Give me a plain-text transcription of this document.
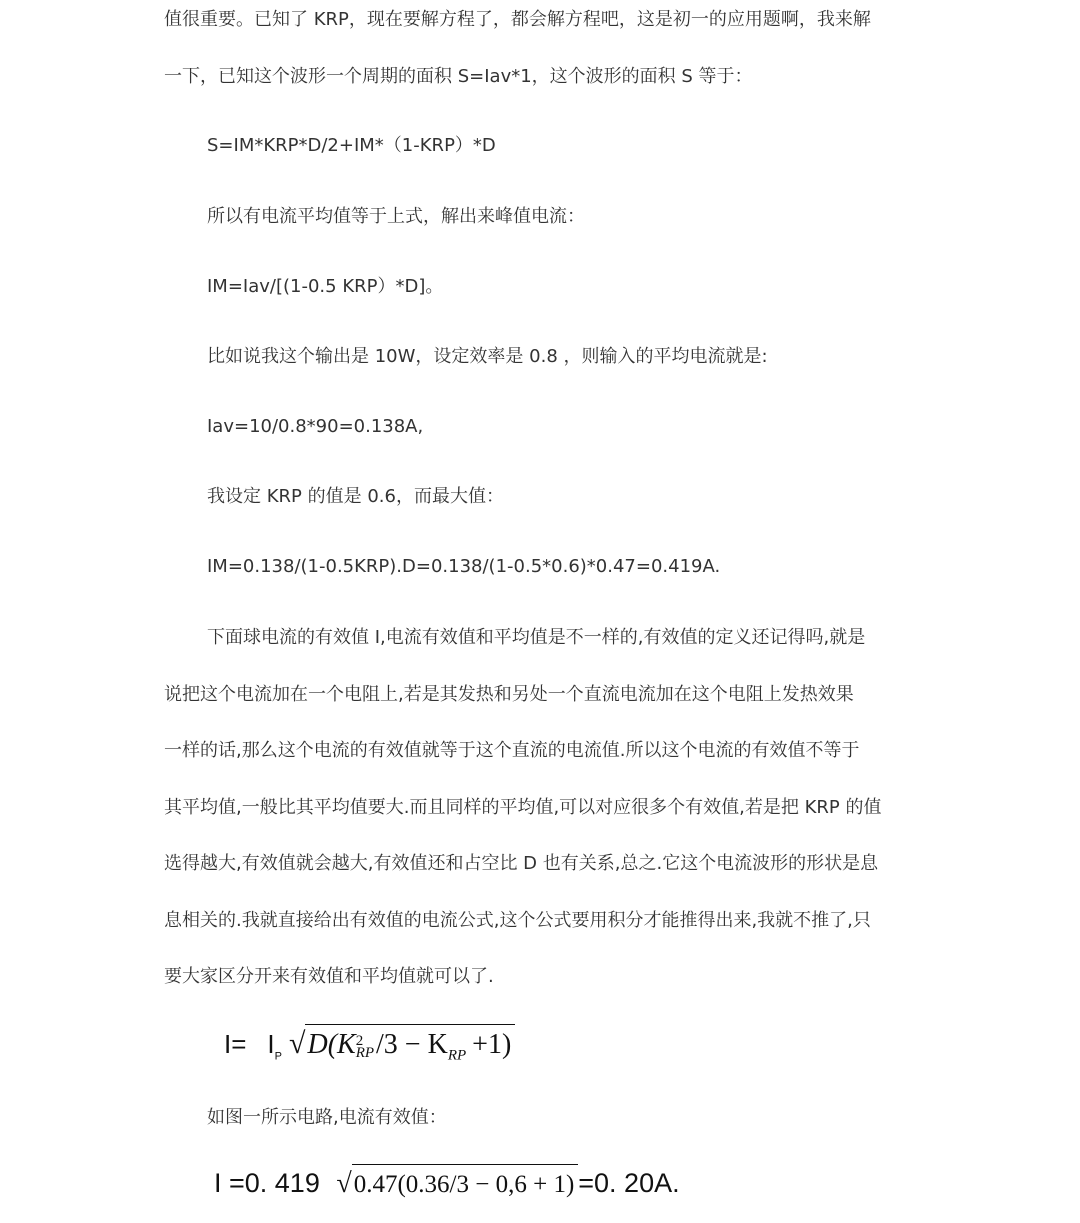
值很重要。已知了 KRP，现在要解方程了，都会解方程吧，这是初一的应用题啊，我来解
一下，已知这个波形一个周期的面积 S=Iav*1，这个波形的面积 S 等于：
S=IM*KRP*D/2+IM*（1-KRP）*D
所以有电流平均值等于上式，解出来峰值电流：
IM=Iav/[(1-0.5 KRP）*D]。
比如说我这个输出是 10W，设定效率是 0.8 ，则输入的平均电流就是:
Iav=10/0.8*90=0.138A,
我设定 KRP 的值是 0.6，而最大值：
IM=0.138/(1-0.5KRP).D=0.138/(1-0.5*0.6)*0.47=0.419A.
下面球电流的有效值 I,电流有效值和平均值是不一样的,有效值的定义还记得吗,就是
说把这个电流加在一个电阻上,若是其发热和另处一个直流电流加在这个电阻上发热效果
一样的话,那么这个电流的有效值就等于这个直流的电流值.所以这个电流的有效值不等于
其平均值,一般比其平均值要大.而且同样的平均值,可以对应很多个有效值,若是把 KRP 的值
选得越大,有效值就会越大,有效值还和占空比 D 也有关系,总之.它这个电流波形的形状是息
息相关的.我就直接给出有效值的电流公式,这个公式要用积分才能推得出来,我就不推了,只
要大家区分开来有效值和平均值就可以了.
$I= I_P$ √D(K 2
RP $/3 - K_{RP} +1$)
如图一所示电路,电流有效值：
I =0. 419 √0.47(0.36/3 − 0,6 + 1) =0. 20A.
